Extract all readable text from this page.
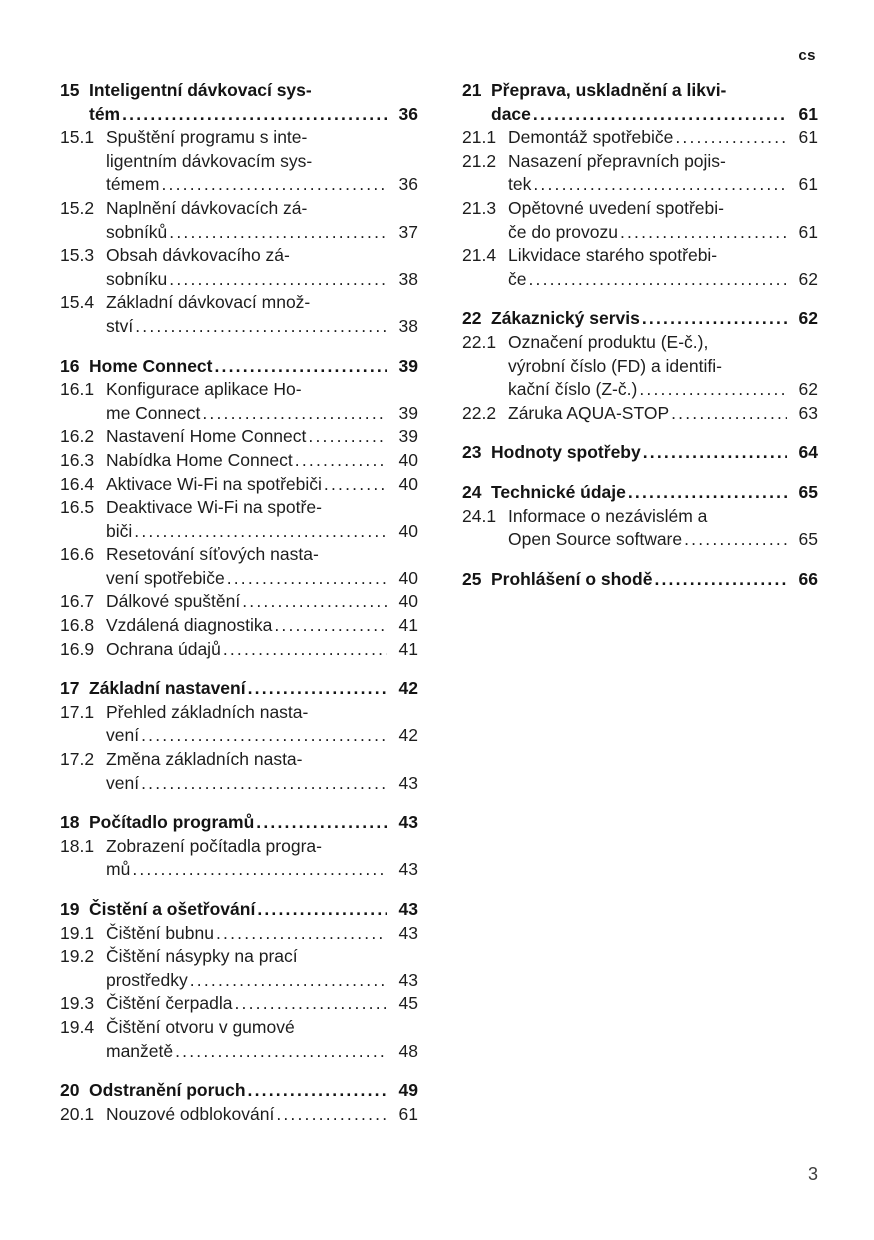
cs
15 Inteligentní dávkovací sys-
tém .....	36
15.1 Spuštění programu s inte-
ligentním dávkovacím sys-
témem .....	36
15.2 Naplnění dávkovacích zá-
sobníků .....	37
15.3 Obsah dávkovacího zá-
sobníku .....	38
15.4 Základní dávkovací množ-
ství .....	38
16 Home Connect .....	39
16.1 Konfigurace aplikace Ho-
me Connect .....	39
16.2 Nastavení Home Connect .....	39
16.3 Nabídka Home Connect .....	40
16.4 Aktivace Wi-Fi na spotřebiči .....	40
16.5 Deaktivace Wi-Fi na spotře-
biči .....	40
16.6 Resetování síťových nasta-
vení spotřebiče .....	40
16.7 Dálkové spuštění .....	40
16.8 Vzdálená diagnostika .....	41
16.9 Ochrana údajů .....	41
17 Základní nastavení .....	42
17.1 Přehled základních nasta-
vení .....	42
17.2 Změna základních nasta-
vení .....	43
18 Počítadlo programů .....	43
18.1 Zobrazení počítadla progra-
mů .....	43
19 Čistění a ošetřování .....	43
19.1 Čištění bubnu .....	43
19.2 Čištění násypky na prací
prostředky .....	43
19.3 Čištění čerpadla .....	45
19.4 Čištění otvoru v gumové
manžetě .....	48
20 Odstranění poruch .....	49
20.1 Nouzové odblokování .....	61
21 Přeprava, uskladnění a likvi-
dace .....	61
21.1 Demontáž spotřebiče .....	61
21.2 Nasazení přepravních pojis-
tek .....	61
21.3 Opětovné uvedení spotřebi-
če do provozu .....	61
21.4 Likvidace starého spotřebi-
če .....	62
22 Zákaznický servis .....	62
22.1 Označení produktu (E-č.),
výrobní číslo (FD) a identifi-
kační číslo (Z-č.) .....	62
22.2 Záruka AQUA-STOP .....	63
23 Hodnoty spotřeby .....	64
24 Technické údaje .....	65
24.1 Informace o nezávislém a
Open Source software .....	65
25 Prohlášení o shodě .....	66
3
